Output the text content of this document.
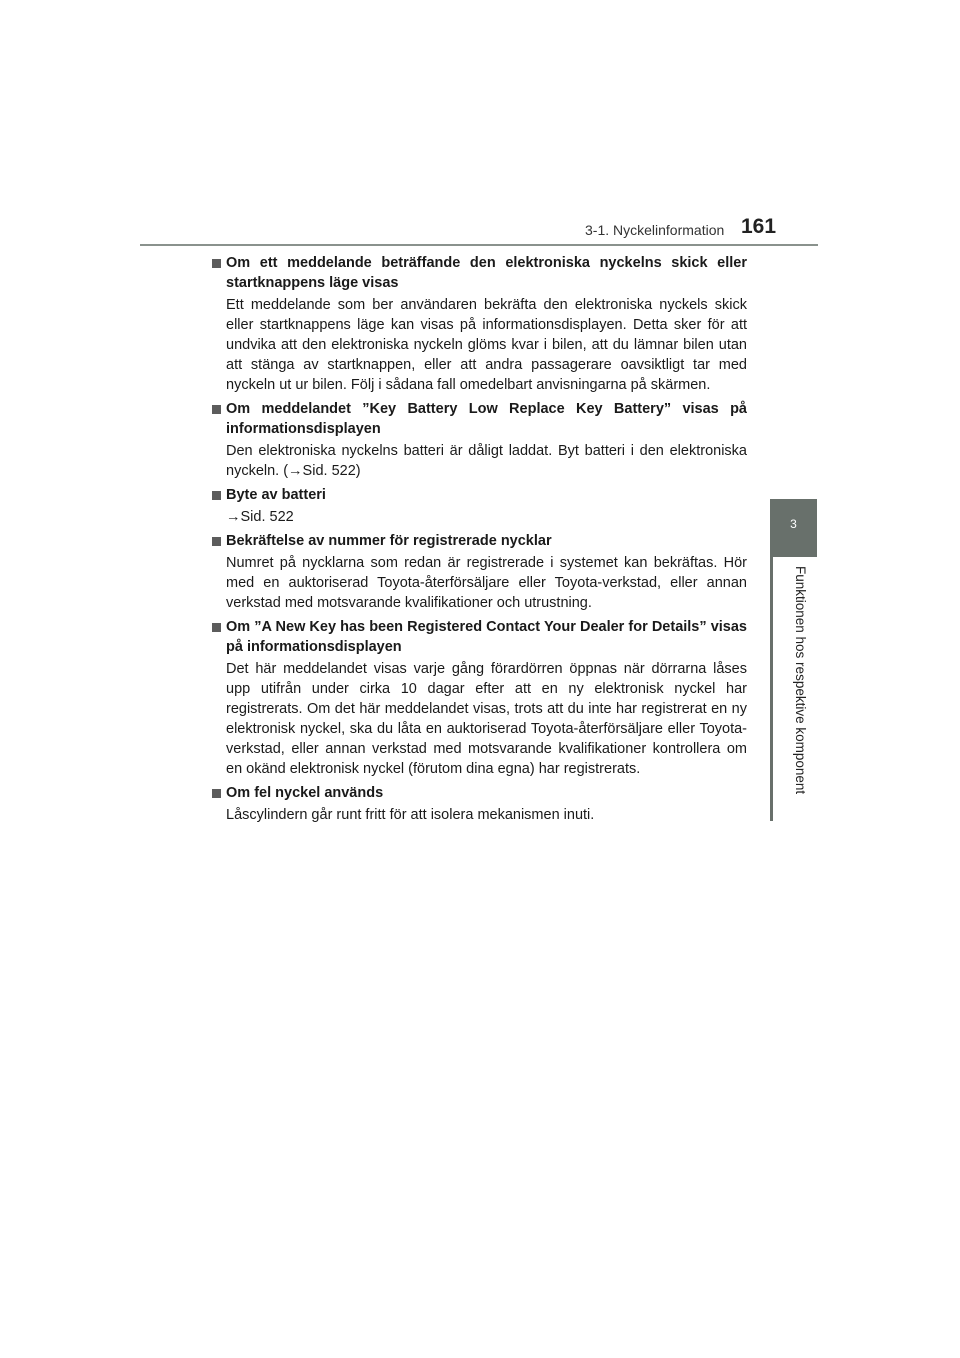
3-1. Nyckelinformation 161
3
Funktionen hos respektive komponent
Om ett meddelande beträffande den elektroniska nyckelns skick eller startknappens läge visas
Ett meddelande som ber användaren bekräfta den elektroniska nyckels skick eller startknappens läge kan visas på informationsdisplayen. Detta sker för att undvika att den elektroniska nyckeln glöms kvar i bilen, att du lämnar bilen utan att stänga av startknappen, eller att andra passagerare oavsiktligt tar med nyckeln ut ur bilen. Följ i sådana fall omedelbart anvisningarna på skärmen.
Om meddelandet ”Key Battery Low Replace Key Battery” visas på informationsdisplayen
Den elektroniska nyckelns batteri är dåligt laddat. Byt batteri i den elektroniska nyckeln. (→Sid. 522)
Byte av batteri
→Sid. 522
Bekräftelse av nummer för registrerade nycklar
Numret på nycklarna som redan är registrerade i systemet kan bekräftas. Hör med en auktoriserad Toyota-återförsäljare eller Toyota-verkstad, eller annan verkstad med motsvarande kvalifikationer och utrustning.
Om ”A New Key has been Registered Contact Your Dealer for Details” visas på informationsdisplayen
Det här meddelandet visas varje gång förardörren öppnas när dörrarna låses upp utifrån under cirka 10 dagar efter att en ny elektronisk nyckel har registrerats. Om det här meddelandet visas, trots att du inte har registrerat en ny elektronisk nyckel, ska du låta en auktoriserad Toyota-återförsäljare eller Toyota-verkstad, eller annan verkstad med motsvarande kvalifikationer kontrollera om en okänd elektronisk nyckel (förutom dina egna) har registrerats.
Om fel nyckel används
Låscylindern går runt fritt för att isolera mekanismen inuti.
